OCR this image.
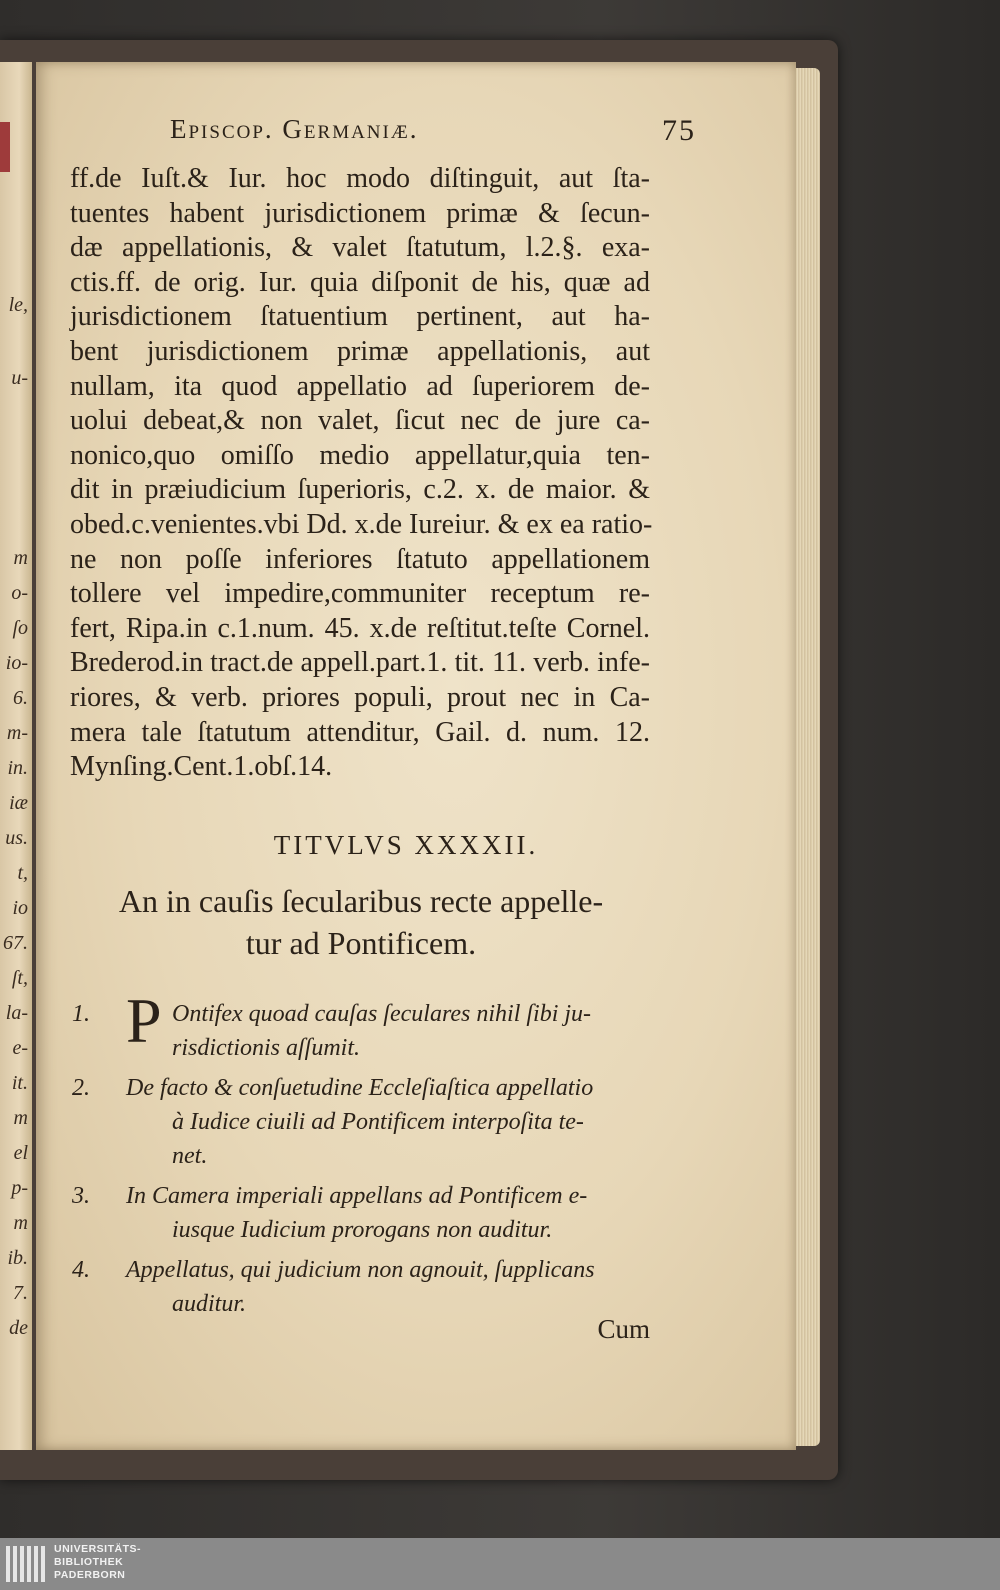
le,
u-
m
o-
ſo
io-
6.
m-
in.
iæ
us.
t,
io
67.
ſt,
la-
e-
it.
m
el
p-
m
ib.
7.
de
Episcop. Germaniæ.	75
ff.de Iuſt.& Iur. hoc modo diſtinguit, aut ſta-
tuentes habent jurisdictionem primæ & ſecun-
dæ appellationis, & valet ſtatutum, l.2.§. exa-
ctis.ff. de orig. Iur. quia diſponit de his, quæ ad
jurisdictionem ſtatuentium pertinent, aut ha-
bent jurisdictionem primæ appellationis, aut
nullam, ita quod appellatio ad ſuperiorem de-
uolui debeat,& non valet, ſicut nec de jure ca-
nonico,quo omiſſo medio appellatur,quia ten-
dit in præiudicium ſuperioris, c.2. x. de maior. &
obed.c.venientes.vbi Dd. x.de Iureiur. & ex ea ratio-
ne non poſſe inferiores ſtatuto appellationem
tollere vel impedire,communiter receptum re-
fert, Ripa.in c.1.num. 45. x.de reſtitut.teſte Cornel.
Brederod.in tract.de appell.part.1. tit. 11. verb. infe-
riores, & verb. priores populi, prout nec in Ca-
mera tale ſtatutum attenditur, Gail. d. num. 12.
Mynſing.Cent.1.obſ.14.
TITVLVS XXXXII.
An in cauſis ſecularibus recte appelle-
tur ad Pontificem.
1. P Ontifex quoad cauſas ſeculares nihil ſibi ju-
risdictionis aſſumit.
2. De facto & conſuetudine Eccleſiaſtica appellatio
à Iudice ciuili ad Pontificem interpoſita te-
net.
3. In Camera imperiali appellans ad Pontificem e-
iusque Iudicium prorogans non auditur.
4. Appellatus, qui judicium non agnouit, ſupplicans
auditur.
Cum
UNIVERSITÄTS-
BIBLIOTHEK
PADERBORN
